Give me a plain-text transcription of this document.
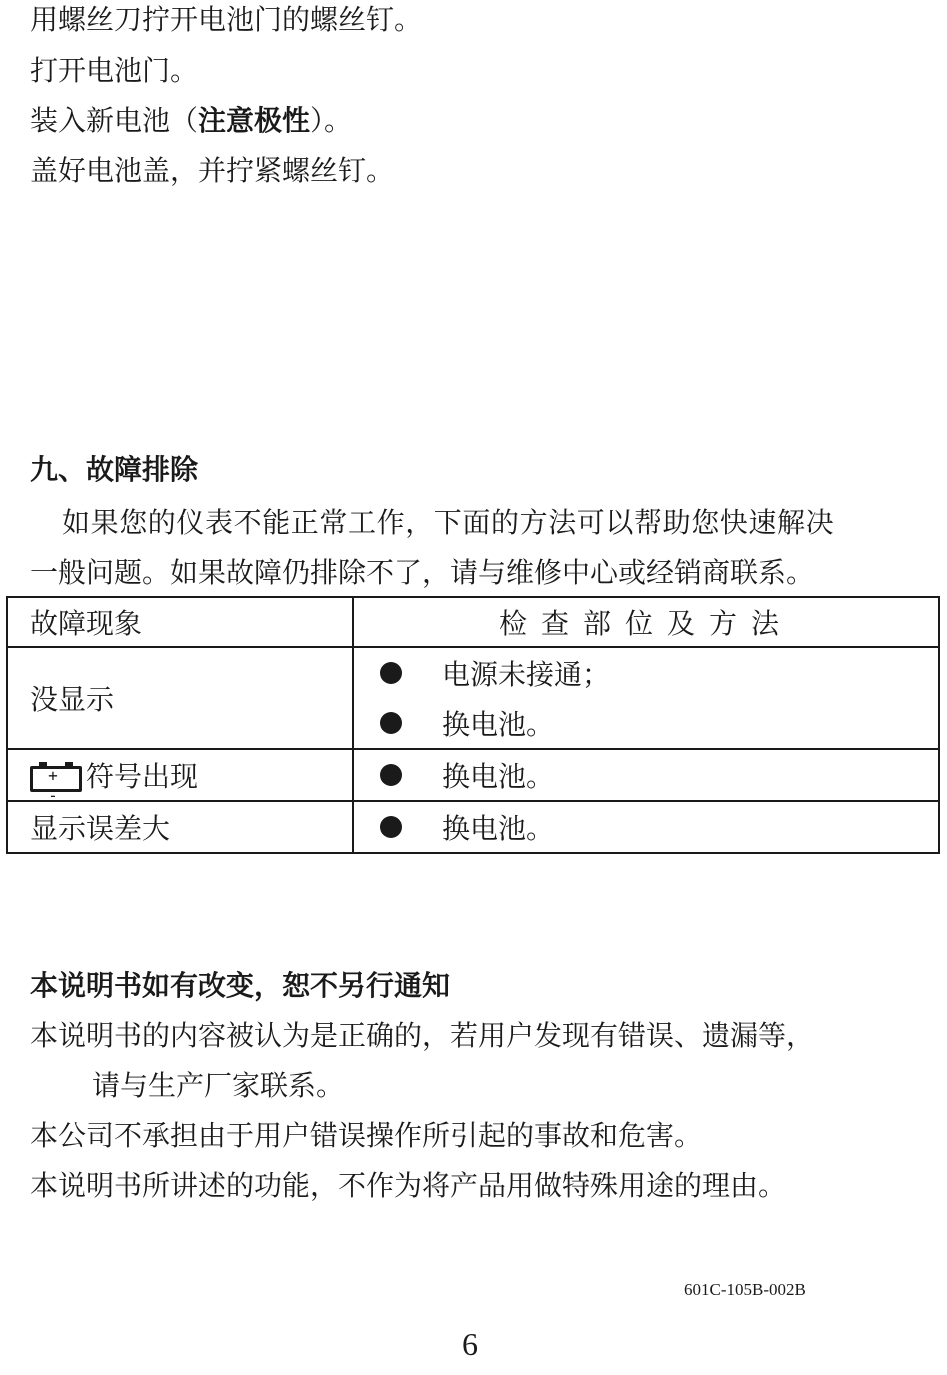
用螺丝刀拧开电池门的螺丝钉。
打开电池门。
装入新电池（注意极性）。
盖好电池盖，并拧紧螺丝钉。
九、故障排除
如果您的仪表不能正常工作，下面的方法可以帮助您快速解决
一般问题。如果故障仍排除不了，请与维修中心或经销商联系。
故障现象	检查部位及方法
没显示	电源未接通；
换电池。

+ -
符号出现	换电池。

显示误差大	换电池。
本说明书如有改变，恕不另行通知
本说明书的内容被认为是正确的，若用户发现有错误、遗漏等，
请与生产厂家联系。
本公司不承担由于用户错误操作所引起的事故和危害。
本说明书所讲述的功能，不作为将产品用做特殊用途的理由。
601C-105B-002B
6
